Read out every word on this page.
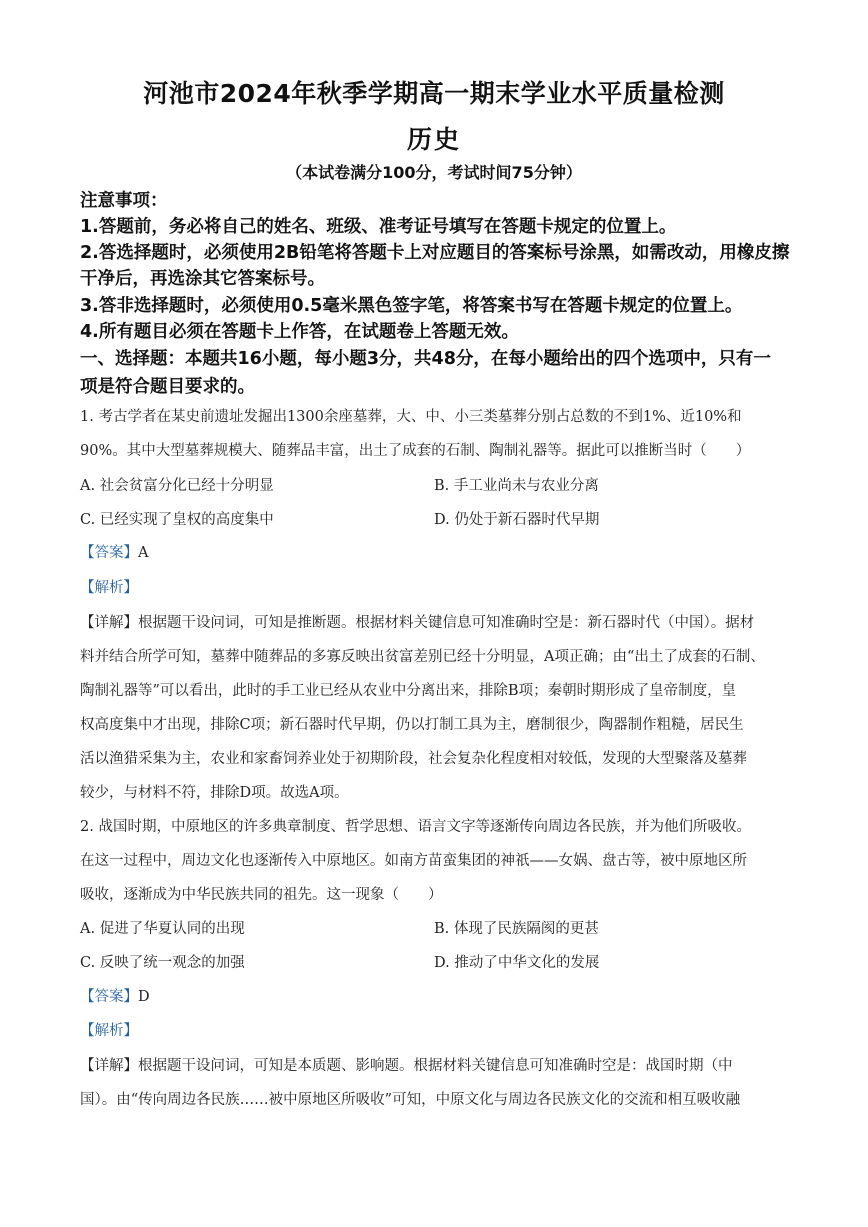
河池市2024年秋季学期高一期末学业水平质量检测
历史
（本试卷满分100分，考试时间75分钟）
注意事项：
1.答题前，务必将自己的姓名、班级、准考证号填写在答题卡规定的位置上。
2.答选择题时，必须使用2B铅笔将答题卡上对应题目的答案标号涂黑，如需改动，用橡皮擦
干净后，再选涂其它答案标号。
3.答非选择题时，必须使用0.5毫米黑色签字笔，将答案书写在答题卡规定的位置上。
4.所有题目必须在答题卡上作答，在试题卷上答题无效。
一、选择题：本题共16小题，每小题3分，共48分，在每小题给出的四个选项中，只有一
项是符合题目要求的。
1. 考古学者在某史前遗址发掘出1300余座墓葬，大、中、小三类墓葬分别占总数的不到1%、近10%和
90%。其中大型墓葬规模大、随葬品丰富，出土了成套的石制、陶制礼器等。据此可以推断当时（　　）
A. 社会贫富分化已经十分明显	B. 手工业尚未与农业分离
C. 已经实现了皇权的高度集中	D. 仍处于新石器时代早期
【答案】A
【解析】
【详解】根据题干设问词，可知是推断题。根据材料关键信息可知准确时空是：新石器时代（中国）。据材
料并结合所学可知，墓葬中随葬品的多寡反映出贫富差别已经十分明显，A项正确；由“出土了成套的石制、
陶制礼器等”可以看出，此时的手工业已经从农业中分离出来，排除B项；秦朝时期形成了皇帝制度，皇
权高度集中才出现，排除C项；新石器时代早期，仍以打制工具为主，磨制很少，陶器制作粗糙，居民生
活以渔猎采集为主，农业和家畜饲养业处于初期阶段，社会复杂化程度相对较低，发现的大型聚落及墓葬
较少，与材料不符，排除D项。故选A项。
2. 战国时期，中原地区的许多典章制度、哲学思想、语言文字等逐渐传向周边各民族，并为他们所吸收。
在这一过程中，周边文化也逐渐传入中原地区。如南方苗蛮集团的神祇——女娲、盘古等，被中原地区所
吸收，逐渐成为中华民族共同的祖先。这一现象（　　）
A. 促进了华夏认同的出现	B. 体现了民族隔阂的更甚
C. 反映了统一观念的加强	D. 推动了中华文化的发展
【答案】D
【解析】
【详解】根据题干设问词，可知是本质题、影响题。根据材料关键信息可知准确时空是：战国时期（中
国）。由“传向周边各民族……被中原地区所吸收”可知，中原文化与周边各民族文化的交流和相互吸收融
